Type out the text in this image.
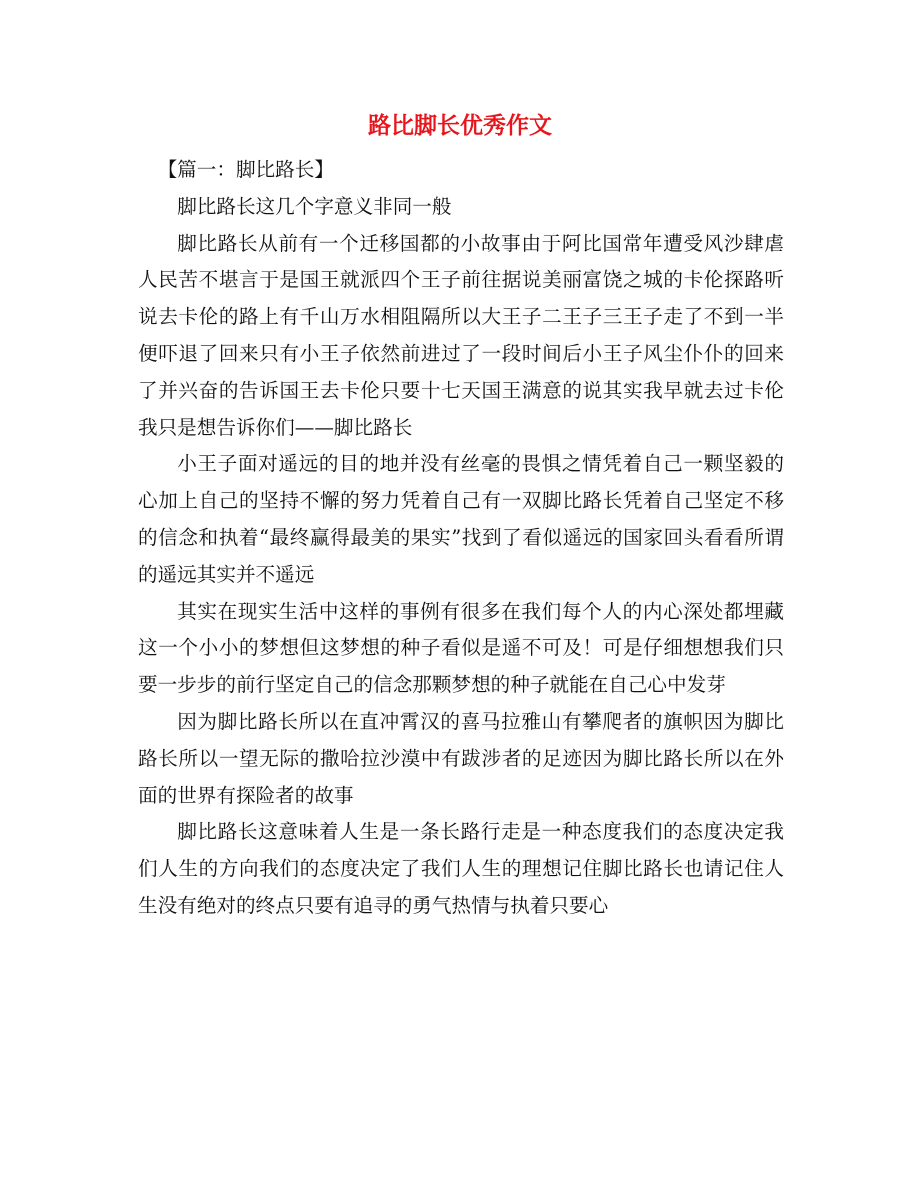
路比脚长优秀作文

【篇一：脚比路长】

脚比路长这几个字意义非同一般

脚比路长从前有一个迁移国都的小故事由于阿比国常年遭受风沙肆虐人民苦不堪言于是国王就派四个王子前往据说美丽富饶之城的卡伦探路听说去卡伦的路上有千山万水相阻隔所以大王子二王子三王子走了不到一半便吓退了回来只有小王子依然前进过了一段时间后小王子风尘仆仆的回来了并兴奋的告诉国王去卡伦只要十七天国王满意的说其实我早就去过卡伦我只是想告诉你们——脚比路长

小王子面对遥远的目的地并没有丝毫的畏惧之情凭着自己一颗坚毅的心加上自己的坚持不懈的努力凭着自己有一双脚比路长凭着自己坚定不移的信念和执着“最终赢得最美的果实”找到了看似遥远的国家回头看看所谓的遥远其实并不遥远

其实在现实生活中这样的事例有很多在我们每个人的内心深处都埋藏这一个小小的梦想但这梦想的种子看似是遥不可及！可是仔细想想我们只要一步步的前行坚定自己的信念那颗梦想的种子就能在自己心中发芽

因为脚比路长所以在直冲霄汉的喜马拉雅山有攀爬者的旗帜因为脚比路长所以一望无际的撒哈拉沙漠中有跋涉者的足迹因为脚比路长所以在外面的世界有探险者的故事

脚比路长这意味着人生是一条长路行走是一种态度我们的态度决定我们人生的方向我们的态度决定了我们人生的理想记住脚比路长也请记住人生没有绝对的终点只要有追寻的勇气热情与执着只要心
